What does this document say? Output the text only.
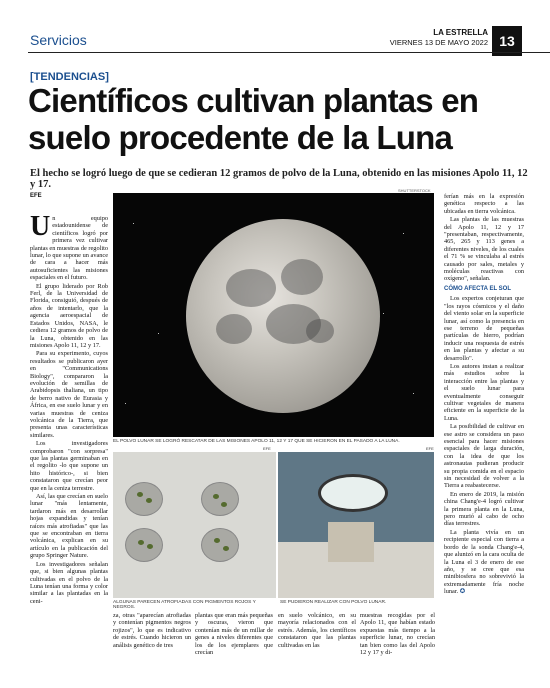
Servicios	LA ESTRELLA
VIERNES 13 DE MAYO 2022 13
[TENDENCIAS]
Científicos cultivan plantas en suelo procedente de la Luna
El hecho se logró luego de que se cedieran 12 gramos de polvo de la Luna, obtenido en las misiones Apolo 11, 12 y 17.
EFE
SHUTTERSTOCK

Un equipo estadounidense de científicos logró por primera vez cultivar plantas en muestras de regolito lunar, lo que supone un avance de cara a hacer más autosuficientes las misiones espaciales en el futuro.

El grupo liderado por Rob Ferl, de la Universidad de Florida, consiguió, después de años de intentarlo, que la agencia aeroespacial de Estados Unidos, NASA, le cediera 12 gramos de polvo de la Luna, obtenido en las misiones Apolo 11, 12 y 17.

Para su experimento, cuyos resultados se publicaron ayer en "Communications Biology", compararon la evolución de semillas de Arabidopsis thaliana, un tipo de berro nativo de Eurasia y África, en ese suelo lunar y en varias muestras de ceniza volcánica de la Tierra, que presenta unas características similares.

Los investigadores comprobaron "con sorpresa" que las plantas germinaban en el regolito -lo que supone un hito histórico-, si bien constataron que crecían peor que en la ceniza terrestre.

Así, las que crecían en suelo lunar "más lentamente, tardaron más en desarrollar hojas expandidas y tenían raíces más atrofiadas" que las que se encontraban en tierra volcánica, explican en su artículo en la publicación del grupo Springer Nature.

Los investigadores señalan que, si bien algunas plantas cultivadas en el polvo de la Luna tenían una forma y color similar a las plantadas en la ceni-

EL POLVO LUNAR SE LOGRÓ RESCATAR DE LAS MISIONES APOLO 11, 12 Y 17 QUE SE HICIERON EN EL PASADO A LA LUNA.
EFE
ALGUNAS PARECEN ATROFIADAS CON PIGMENTOS ROJOS Y NEGROS.
EFE
SE PUDIERON REALIZAR CON POLVO LUNAR.
za, otras "aparecían atrofiadas y contenían pigmentos negros rojizos", lo que es indicativo de estrés. Cuando hicieron un análisis genético de tres
plantas que eran más pequeñas y oscuras, vieron que contenían más de un millar de genes a niveles diferentes que los de los ejemplares que crecían
en suelo volcánico, en su mayoría relacionados con el estrés. Además, los científicos constataron que las plantas cultivadas en las
muestras recogidas por el Apolo 11, que habían estado expuestas más tiempo a la superficie lunar, no crecían tan bien como las del Apolo 12 y 17 y di-

ferían más en la expresión genética respecto a las ubicadas en tierra volcánica.

Las plantas de las muestras del Apolo 11, 12 y 17 "presentaban, respectivamente, 465, 265 y 113 genes a diferentes niveles, de los cuales el 71 % se vinculaba al estrés causado por sales, metales y moléculas reactivas con oxígeno", señalan.

CÓMO AFECTA EL SOL

Los expertos conjeturan que "los rayos cósmicos y el daño del viento solar en la superficie lunar, así como la presencia en ese terreno de pequeñas partículas de hierro, podrían inducir una respuesta de estrés en las plantas y afectar a su desarrollo".

Los autores instan a realizar más estudios sobre la interacción entre las plantas y el suelo lunar para eventualmente conseguir cultivar vegetales de manera eficiente en la superficie de la Luna.

La posibilidad de cultivar en ese astro se considera un paso esencial para hacer misiones espaciales de larga duración, con la idea de que los astronautas pudieran producir su propia comida en el espacio sin necesidad de volver a la Tierra a reabastecerse.

En enero de 2019, la misión china Chang'e-4 logró cultivar la primera planta en la Luna, pero murió al cabo de ocho días terrestres.

La planta vivía en un recipiente especial con tierra a bordo de la sonda Chang'e-4, que alunizó en la cara oculta de la Luna el 3 de enero de ese año, y se cree que esa minibiosfera no sobrevivió la extremadamente fría noche lunar. ✪
